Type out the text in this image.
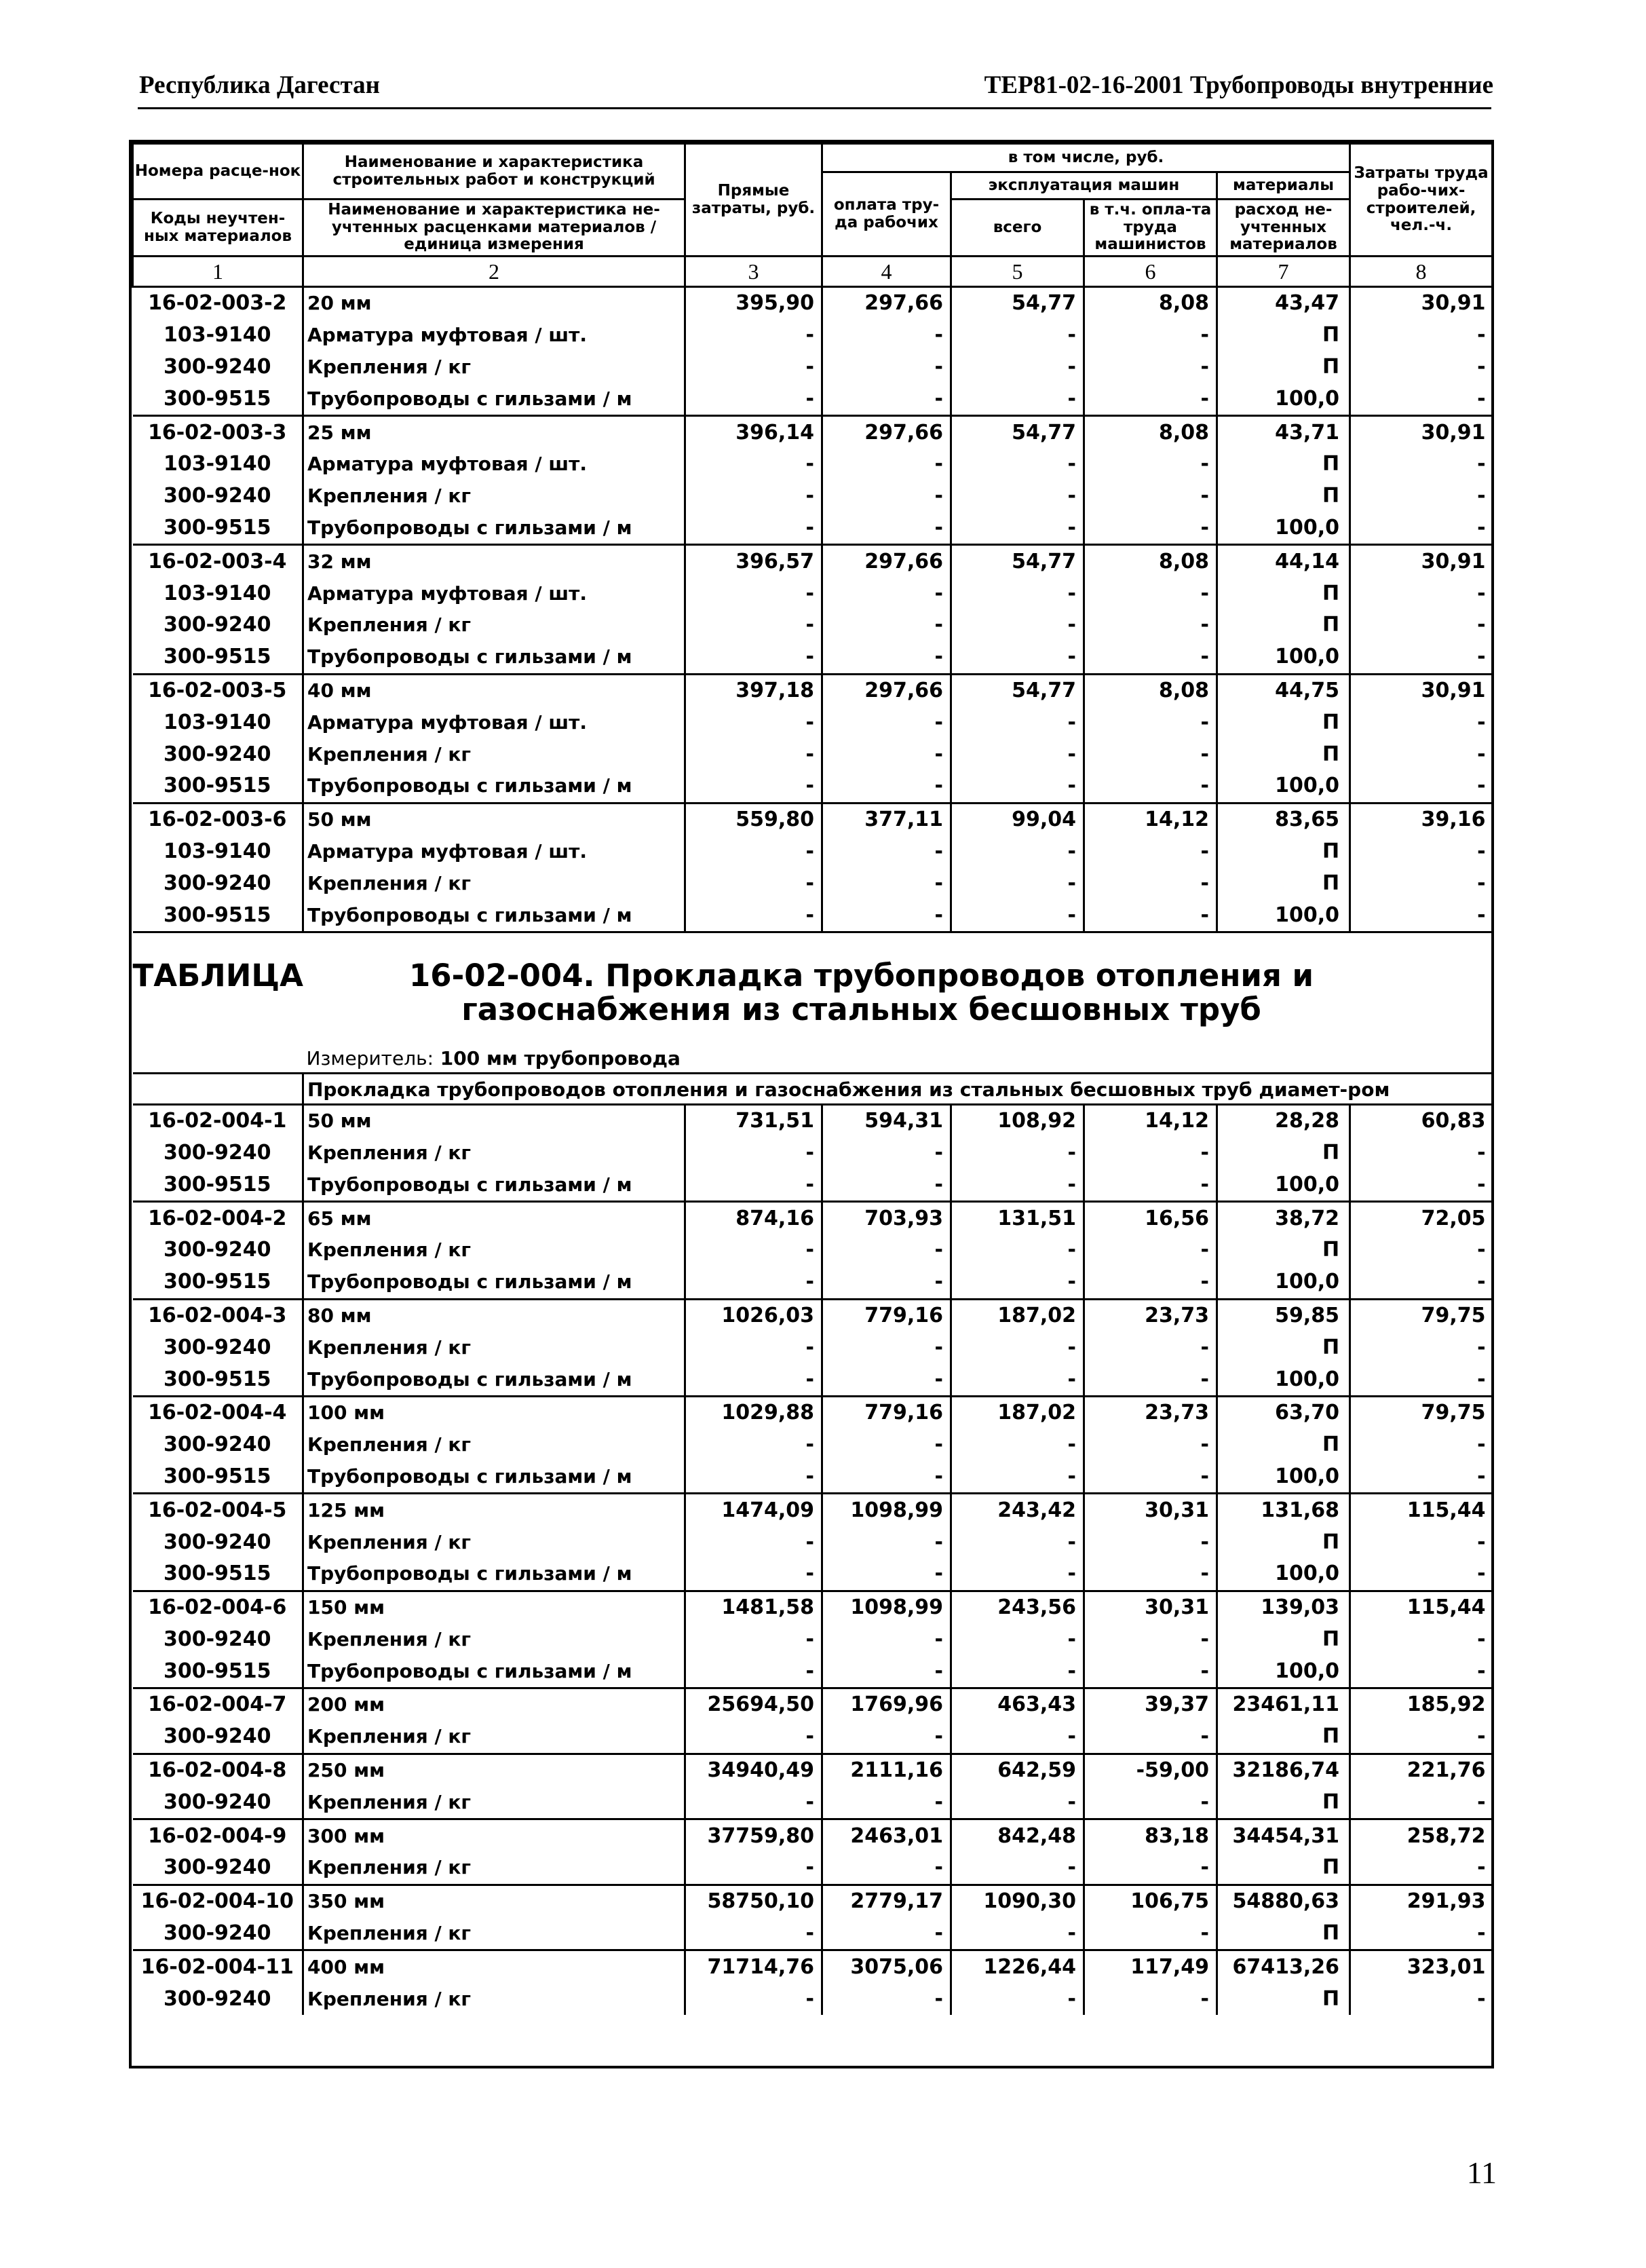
Республика Дагестан	ТЕР81-02-16-2001 Трубопроводы внутренние
Номера расце-нок	Наименование и характеристика строительных работ и конструкций	Прямые затраты, руб.	в том числе, руб.				Затраты труда рабо-чих-строителей, чел.-ч.
			оплата тру-да рабочих	эксплуатация машин		материалы	
Коды неучтен-ных материалов	Наименование и характеристика не-учтенных расценками материалов / единица измерения			всего	в т.ч. опла-та труда машинистов	расход не-учтенных материалов	

1	2	3	4	5	6	7	8
16-02-003-2	20 мм	395,90	297,66	54,77	8,08	43,47	30,91
103-9140	Арматура муфтовая / шт.	-	-	-	-	П	-
300-9240	Крепления / кг	-	-	-	-	П	-
300-9515	Трубопроводы с гильзами / м	-	-	-	-	100,0	-
16-02-003-3	25 мм	396,14	297,66	54,77	8,08	43,71	30,91
103-9140	Арматура муфтовая / шт.	-	-	-	-	П	-
300-9240	Крепления / кг	-	-	-	-	П	-
300-9515	Трубопроводы с гильзами / м	-	-	-	-	100,0	-
16-02-003-4	32 мм	396,57	297,66	54,77	8,08	44,14	30,91
103-9140	Арматура муфтовая / шт.	-	-	-	-	П	-
300-9240	Крепления / кг	-	-	-	-	П	-
300-9515	Трубопроводы с гильзами / м	-	-	-	-	100,0	-
16-02-003-5	40 мм	397,18	297,66	54,77	8,08	44,75	30,91
103-9140	Арматура муфтовая / шт.	-	-	-	-	П	-
300-9240	Крепления / кг	-	-	-	-	П	-
300-9515	Трубопроводы с гильзами / м	-	-	-	-	100,0	-
16-02-003-6	50 мм	559,80	377,11	99,04	14,12	83,65	39,16
103-9140	Арматура муфтовая / шт.	-	-	-	-	П	-
300-9240	Крепления / кг	-	-	-	-	П	-
300-9515	Трубопроводы с гильзами / м	-	-	-	-	100,0	-
ТАБЛИЦА	16-02-004. Прокладка трубопроводов отопления и газоснабжения из стальных бесшовных труб						
	Измеритель: 100 мм трубопровода						
	Прокладка трубопроводов отопления и газоснабжения из стальных бесшовных труб диамет-ром						
16-02-004-1	50 мм	731,51	594,31	108,92	14,12	28,28	60,83
300-9240	Крепления / кг	-	-	-	-	П	-
300-9515	Трубопроводы с гильзами / м	-	-	-	-	100,0	-
16-02-004-2	65 мм	874,16	703,93	131,51	16,56	38,72	72,05
300-9240	Крепления / кг	-	-	-	-	П	-
300-9515	Трубопроводы с гильзами / м	-	-	-	-	100,0	-
16-02-004-3	80 мм	1026,03	779,16	187,02	23,73	59,85	79,75
300-9240	Крепления / кг	-	-	-	-	П	-
300-9515	Трубопроводы с гильзами / м	-	-	-	-	100,0	-
16-02-004-4	100 мм	1029,88	779,16	187,02	23,73	63,70	79,75
300-9240	Крепления / кг	-	-	-	-	П	-
300-9515	Трубопроводы с гильзами / м	-	-	-	-	100,0	-
16-02-004-5	125 мм	1474,09	1098,99	243,42	30,31	131,68	115,44
300-9240	Крепления / кг	-	-	-	-	П	-
300-9515	Трубопроводы с гильзами / м	-	-	-	-	100,0	-
16-02-004-6	150 мм	1481,58	1098,99	243,56	30,31	139,03	115,44
300-9240	Крепления / кг	-	-	-	-	П	-
300-9515	Трубопроводы с гильзами / м	-	-	-	-	100,0	-
16-02-004-7	200 мм	25694,50	1769,96	463,43	39,37	23461,11	185,92
300-9240	Крепления / кг	-	-	-	-	П	-
16-02-004-8	250 мм	34940,49	2111,16	642,59	-59,00	32186,74	221,76
300-9240	Крепления / кг	-	-	-	-	П	-
16-02-004-9	300 мм	37759,80	2463,01	842,48	83,18	34454,31	258,72
300-9240	Крепления / кг	-	-	-	-	П	-
16-02-004-10	350 мм	58750,10	2779,17	1090,30	106,75	54880,63	291,93
300-9240	Крепления / кг	-	-	-	-	П	-
16-02-004-11	400 мм	71714,76	3075,06	1226,44	117,49	67413,26	323,01
300-9240	Крепления / кг	-	-	-	-	П	-
11
